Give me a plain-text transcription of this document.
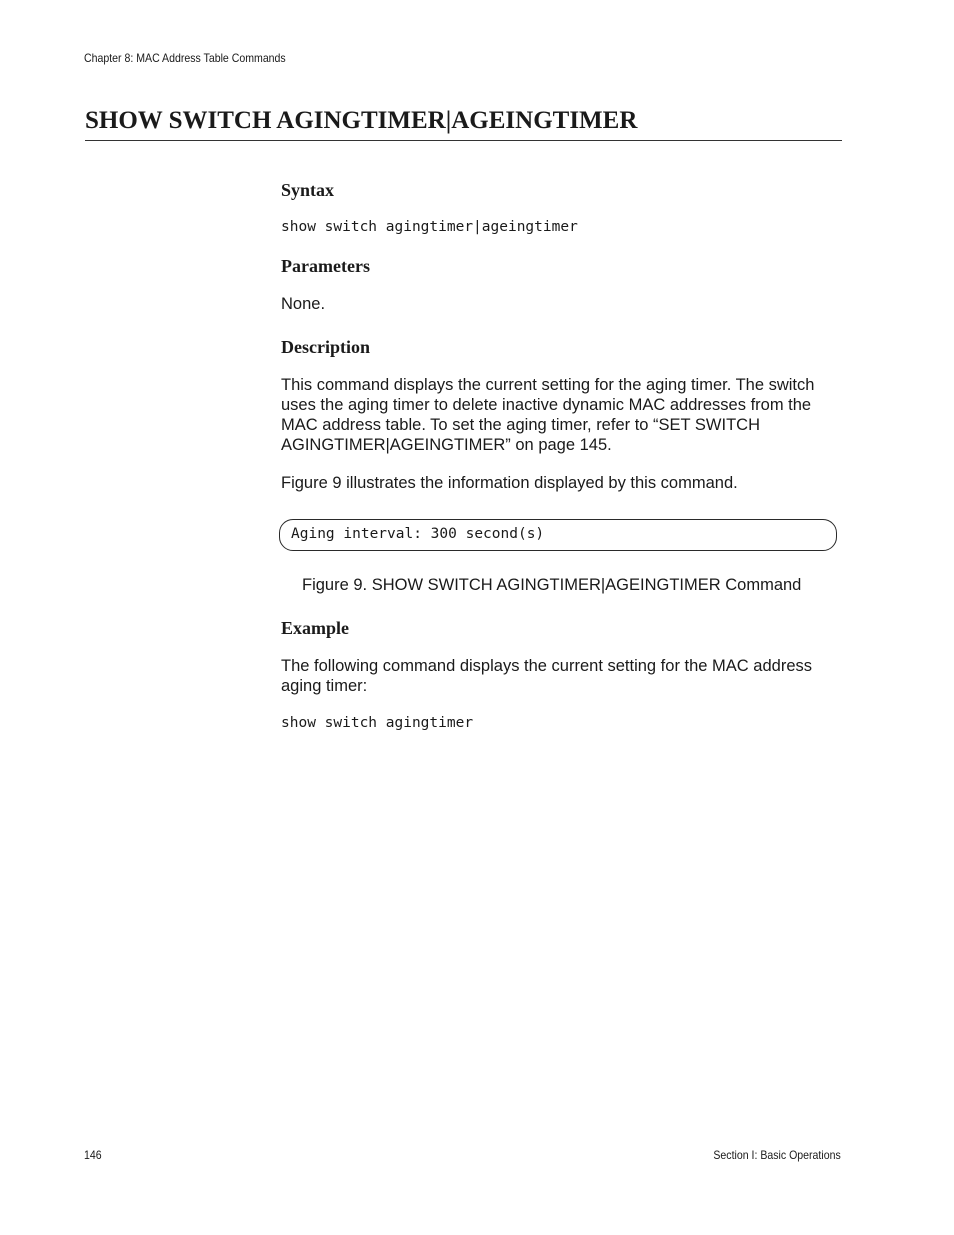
Chapter 8: MAC Address Table Commands
SHOW SWITCH AGINGTIMER|AGEINGTIMER
Syntax
show switch agingtimer|ageingtimer
Parameters

None.

Description

This command displays the current setting for the aging timer. The switch uses the aging timer to delete inactive dynamic MAC addresses from the MAC address table. To set the aging timer, refer to “SET SWITCH AGINGTIMER|AGEINGTIMER” on page 145.

Figure 9 illustrates the information displayed by this command.

Aging interval: 300 second(s)
Figure 9. SHOW SWITCH AGINGTIMER|AGEINGTIMER Command
Example

The following command displays the current setting for the MAC address aging timer:

show switch agingtimer
146	Section I: Basic Operations
